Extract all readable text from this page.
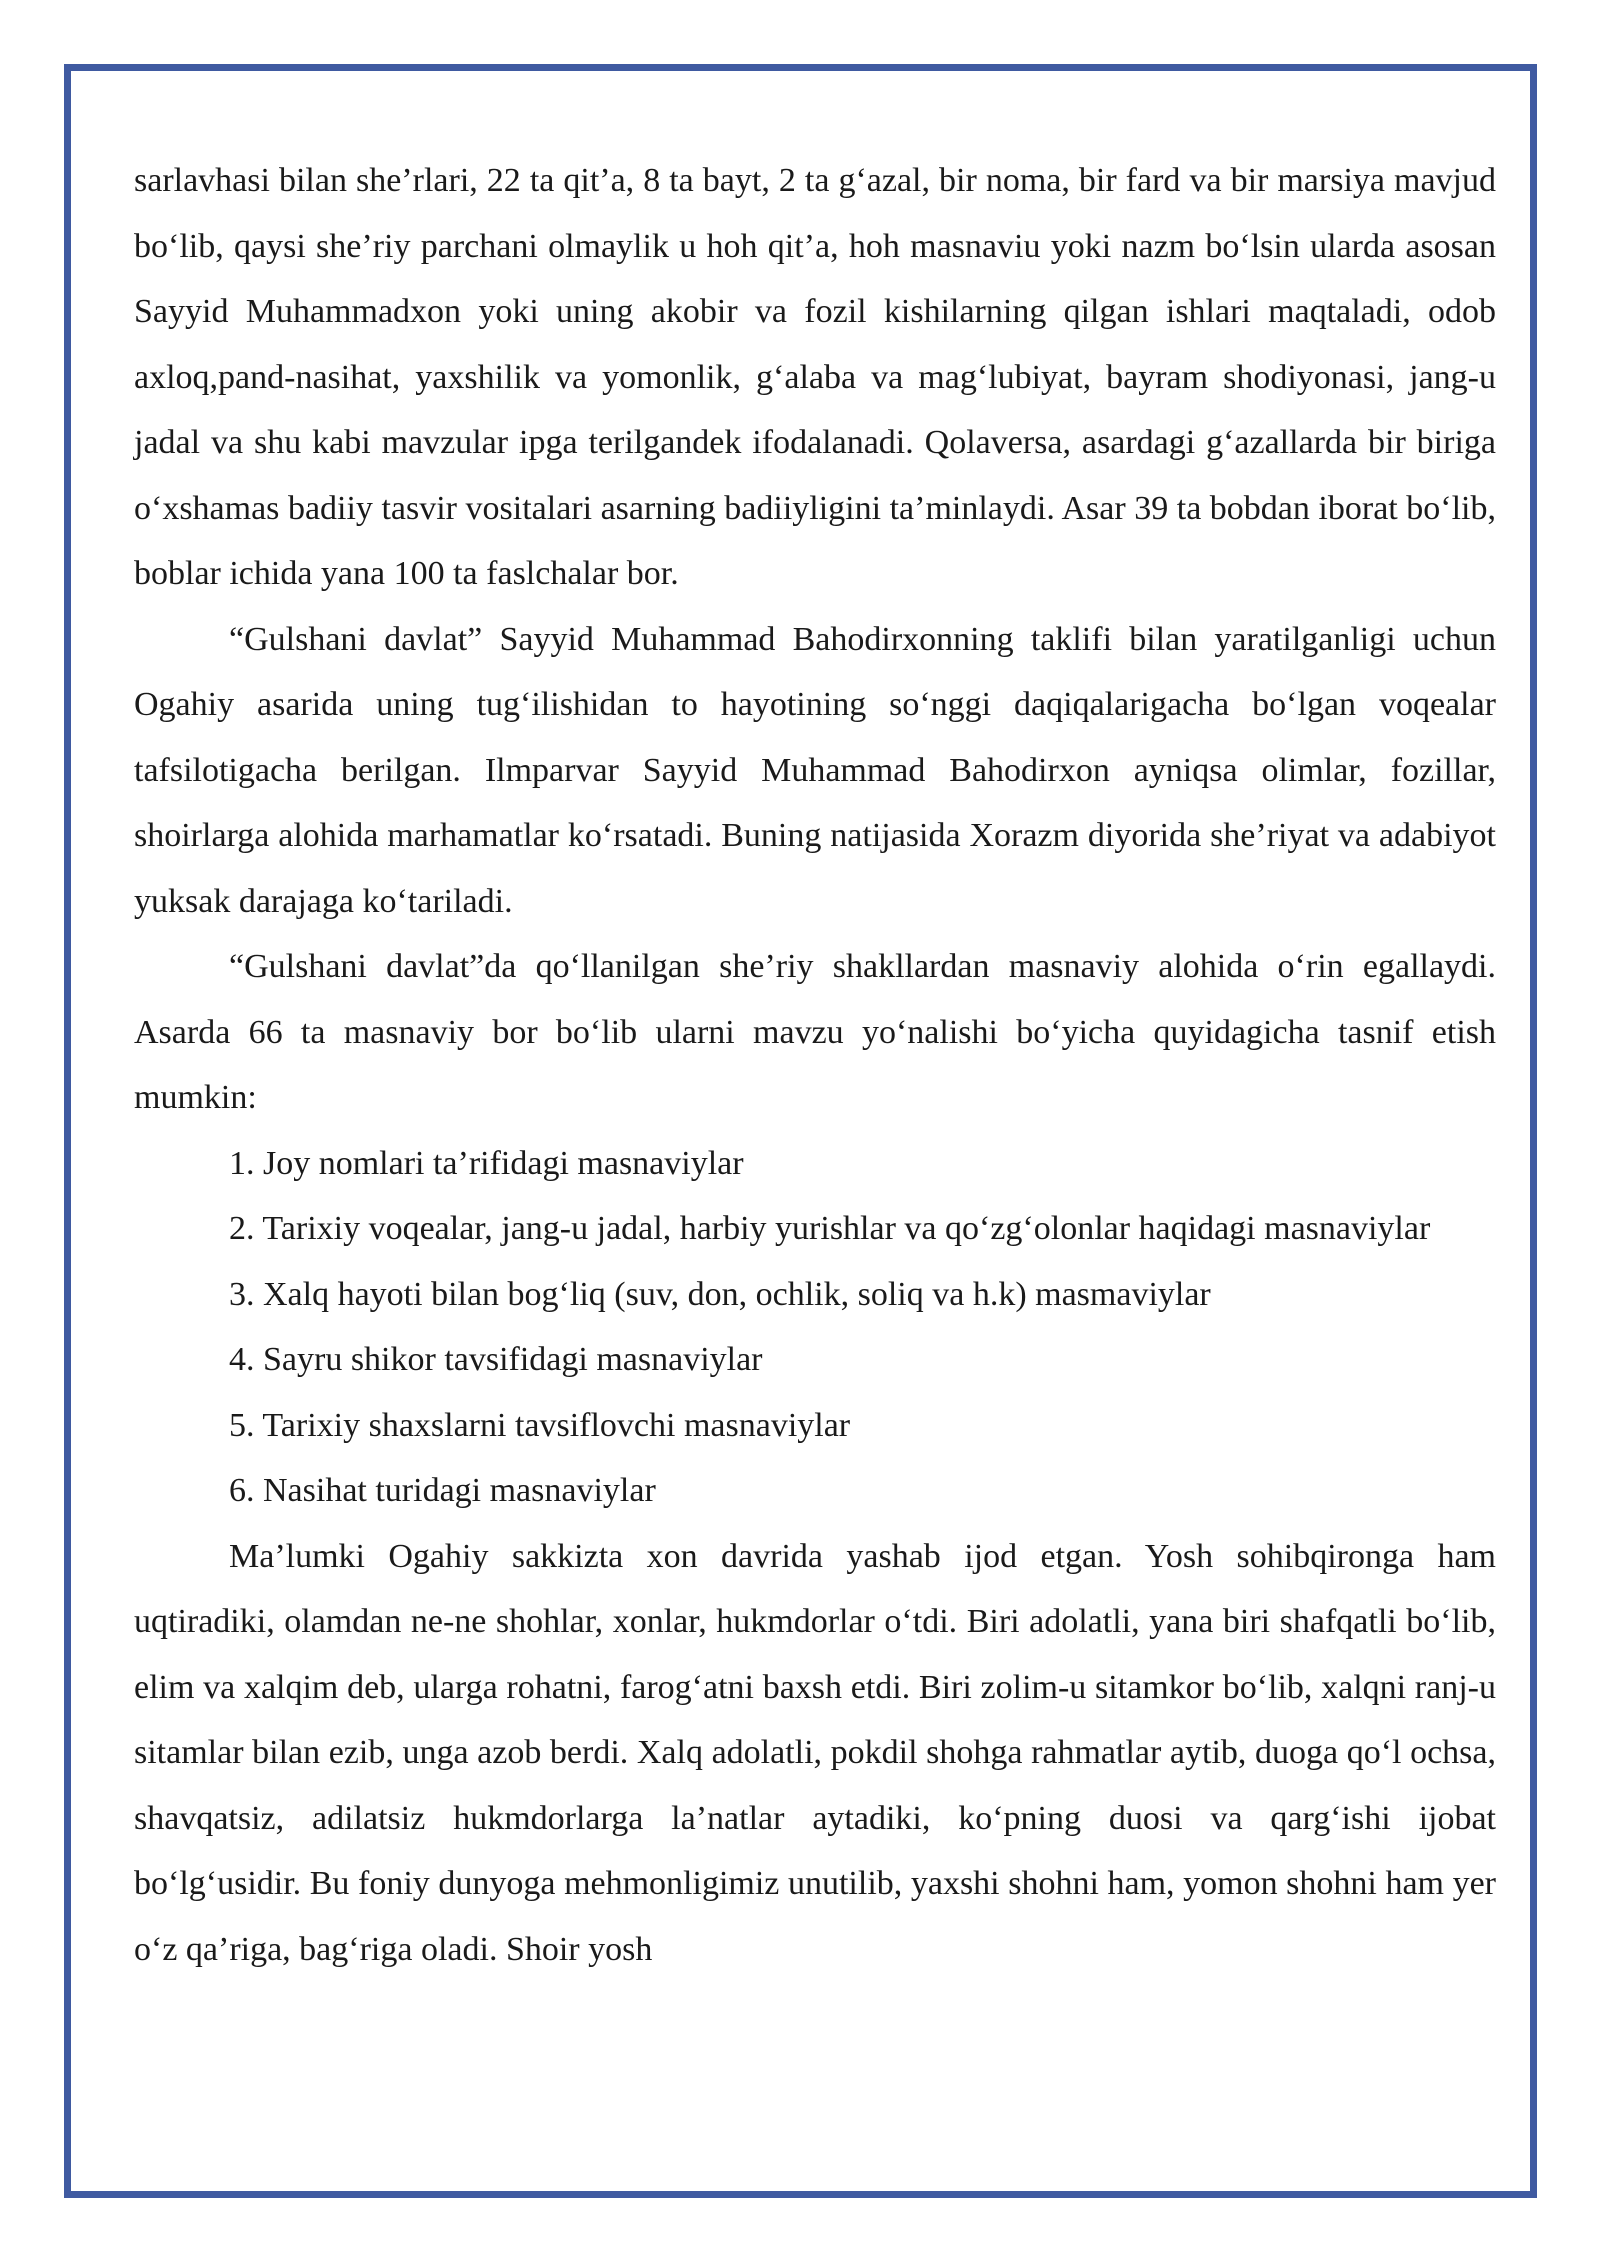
sarlavhasi bilan she’rlari, 22 ta qit’a, 8 ta bayt, 2 ta g‘azal, bir noma, bir fard va bir marsiya mavjud bo‘lib, qaysi she’riy parchani olmaylik u hoh qit’a, hoh masnaviu yoki nazm bo‘lsin ularda asosan Sayyid Muhammadxon yoki uning akobir va fozil kishilarning qilgan ishlari maqtaladi, odob axloq,pand-nasihat, yaxshilik va yomonlik, g‘alaba va mag‘lubiyat, bayram shodiyonasi, jang-u jadal va shu kabi mavzular ipga terilgandek ifodalanadi. Qolaversa, asardagi g‘azallarda bir biriga o‘xshamas badiiy tasvir vositalari asarning badiiyligini ta’minlaydi. Asar 39 ta bobdan iborat bo‘lib, boblar ichida yana 100 ta faslchalar bor.

“Gulshani davlat” Sayyid Muhammad Bahodirxonning taklifi bilan yaratilganligi uchun Ogahiy asarida uning tug‘ilishidan to hayotining so‘nggi daqiqalarigacha bo‘lgan voqealar tafsilotigacha berilgan. Ilmparvar Sayyid Muhammad Bahodirxon ayniqsa olimlar, fozillar, shoirlarga alohida marhamatlar ko‘rsatadi. Buning natijasida Xorazm diyorida she’riyat va adabiyot yuksak darajaga ko‘tariladi.

“Gulshani davlat”da qo‘llanilgan she’riy shakllardan masnaviy alohida o‘rin egallaydi. Asarda 66 ta masnaviy bor bo‘lib ularni mavzu yo‘nalishi bo‘yicha quyidagicha tasnif etish mumkin:

1. Joy nomlari ta’rifidagi masnaviylar

2. Tarixiy voqealar, jang-u jadal, harbiy yurishlar va qo‘zg‘olonlar haqidagi masnaviylar

3. Xalq hayoti bilan bog‘liq (suv, don, ochlik, soliq va h.k) masmaviylar

4. Sayru shikor tavsifidagi masnaviylar

5. Tarixiy shaxslarni tavsiflovchi masnaviylar

6. Nasihat turidagi masnaviylar

Ma’lumki Ogahiy sakkizta xon davrida yashab ijod etgan. Yosh sohibqironga ham uqtiradiki, olamdan ne-ne shohlar, xonlar, hukmdorlar o‘tdi. Biri adolatli, yana biri shafqatli bo‘lib, elim va xalqim deb, ularga rohatni, farog‘atni baxsh etdi. Biri zolim-u sitamkor bo‘lib, xalqni ranj-u sitamlar bilan ezib, unga azob berdi. Xalq adolatli, pokdil shohga rahmatlar aytib, duoga qo‘l ochsa, shavqatsiz, adilatsiz hukmdorlarga la’natlar aytadiki, ko‘pning duosi va qarg‘ishi ijobat bo‘lg‘usidir. Bu foniy dunyoga mehmonligimiz unutilib, yaxshi shohni ham, yomon shohni ham yer o‘z qa’riga, bag‘riga oladi. Shoir yosh
